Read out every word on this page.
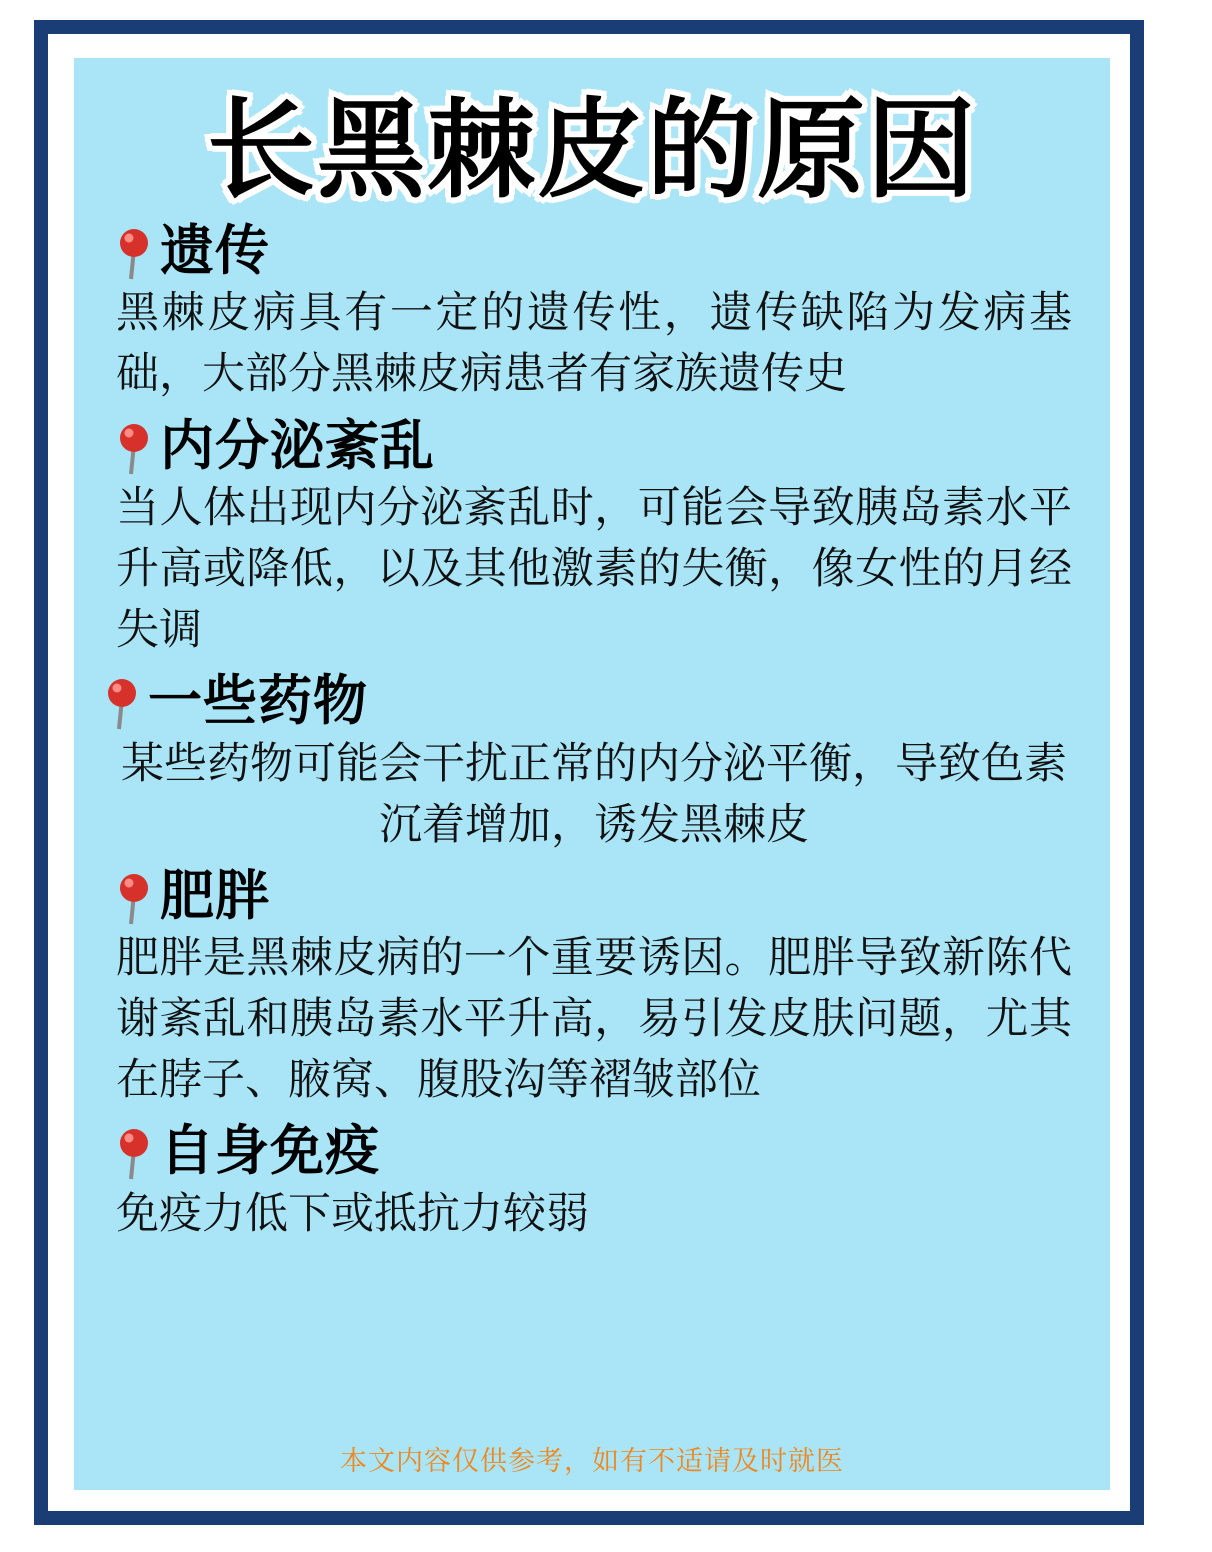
长黑棘皮的原因
遗传
黑棘皮病具有一定的遗传性，遗传缺陷为发病基础，大部分黑棘皮病患者有家族遗传史
内分泌紊乱
当人体出现内分泌紊乱时，可能会导致胰岛素水平升高或降低，以及其他激素的失衡，像女性的月经失调
一些药物
某些药物可能会干扰正常的内分泌平衡，导致色素沉着增加，诱发黑棘皮
肥胖
肥胖是黑棘皮病的一个重要诱因。肥胖导致新陈代谢紊乱和胰岛素水平升高，易引发皮肤问题，尤其在脖子、腋窝、腹股沟等褶皱部位
自身免疫
免疫力低下或抵抗力较弱
本文内容仅供参考，如有不适请及时就医
